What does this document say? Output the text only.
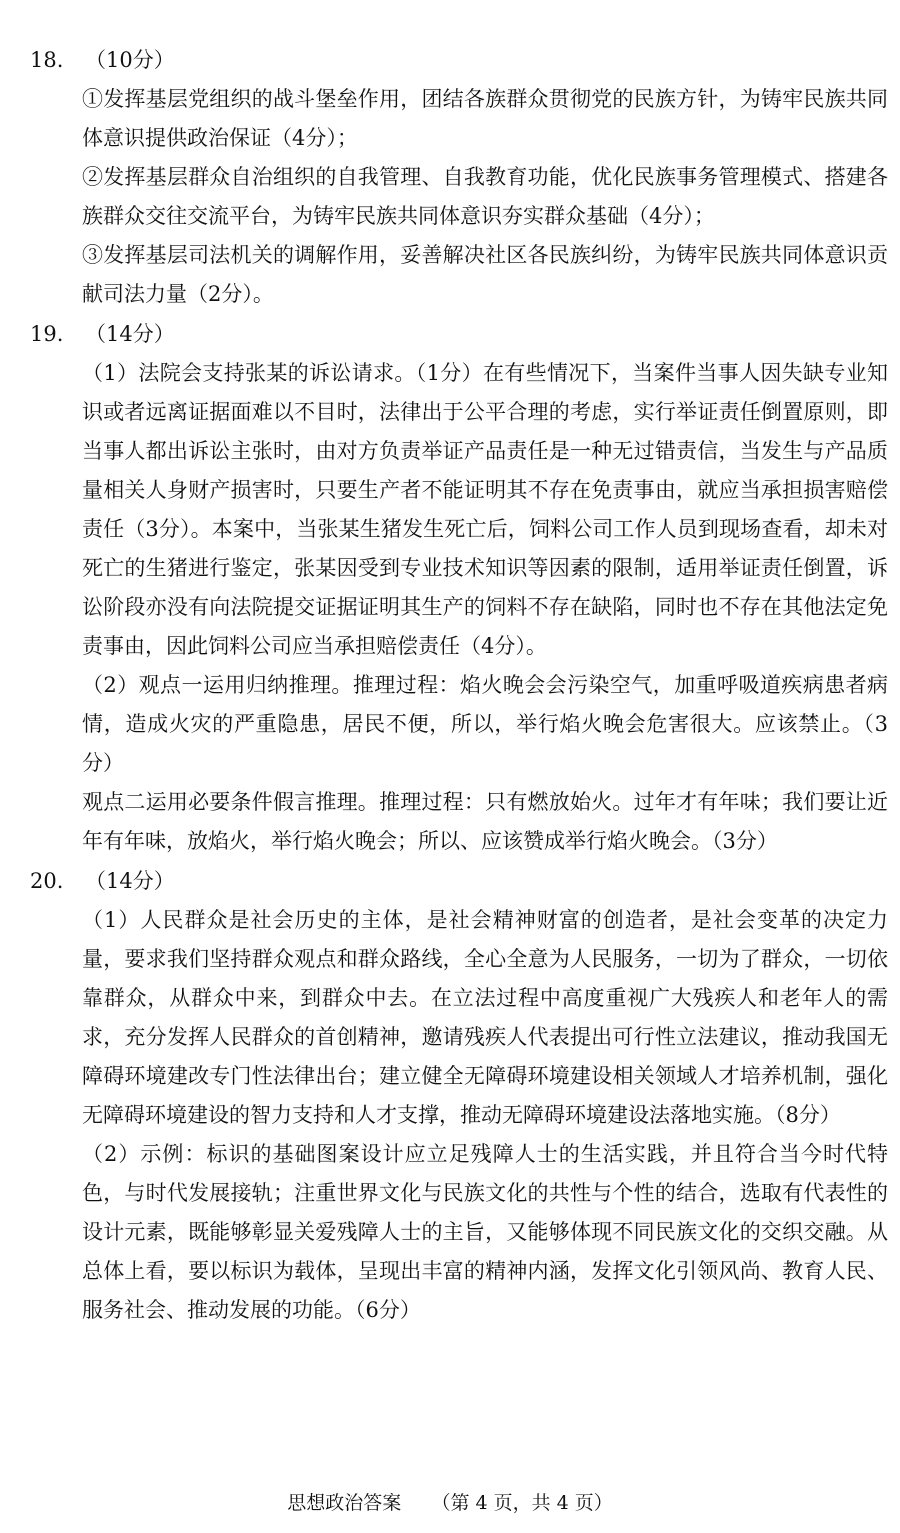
18.	（10分）

①发挥基层党组织的战斗堡垒作用，团结各族群众贯彻党的民族方针，为铸牢民族共同体意识提供政治保证（4分）；

②发挥基层群众自治组织的自我管理、自我教育功能，优化民族事务管理模式、搭建各族群众交往交流平台，为铸牢民族共同体意识夯实群众基础（4分）；

③发挥基层司法机关的调解作用，妥善解决社区各民族纠纷，为铸牢民族共同体意识贡献司法力量（2分）。

19.	（14分）

（1）法院会支持张某的诉讼请求。（1分）在有些情况下，当案件当事人因失缺专业知识或者远离证据面难以不目时，法律出于公平合理的考虑，实行举证责任倒置原则，即当事人都出诉讼主张时，由对方负责举证产品责任是一种无过错责信，当发生与产品质量相关人身财产损害时，只要生产者不能证明其不存在免责事由，就应当承担损害赔偿责任（3分）。本案中，当张某生猪发生死亡后，饲料公司工作人员到现场查看，却未对死亡的生猪进行鉴定，张某因受到专业技术知识等因素的限制，适用举证责任倒置，诉讼阶段亦没有向法院提交证据证明其生产的饲料不存在缺陷，同时也不存在其他法定免责事由，因此饲料公司应当承担赔偿责任（4分）。

（2）观点一运用归纳推理。推理过程：焰火晚会会污染空气，加重呼吸道疾病患者病情，造成火灾的严重隐患，居民不便，所以，举行焰火晚会危害很大。应该禁止。（3分）

观点二运用必要条件假言推理。推理过程：只有燃放始火。过年才有年味；我们要让近年有年味，放焰火，举行焰火晚会；所以、应该赞成举行焰火晚会。（3分）

20.	（14分）

（1）人民群众是社会历史的主体，是社会精神财富的创造者，是社会变革的决定力量，要求我们坚持群众观点和群众路线，全心全意为人民服务，一切为了群众，一切依靠群众，从群众中来，到群众中去。在立法过程中高度重视广大残疾人和老年人的需求，充分发挥人民群众的首创精神，邀请残疾人代表提出可行性立法建议，推动我国无障碍环境建改专门性法律出台；建立健全无障碍环境建设相关领域人才培养机制，强化无障碍环境建设的智力支持和人才支撑，推动无障碍环境建设法落地实施。（8分）

（2）示例：标识的基础图案设计应立足残障人士的生活实践，并且符合当今时代特色，与时代发展接轨；注重世界文化与民族文化的共性与个性的结合，选取有代表性的设计元素，既能够彰显关爱残障人士的主旨，又能够体现不同民族文化的交织交融。从总体上看，要以标识为载体，呈现出丰富的精神内涵，发挥文化引领风尚、教育人民、服务社会、推动发展的功能。（6分）

思想政治答案 （第 4 页，共 4 页）
